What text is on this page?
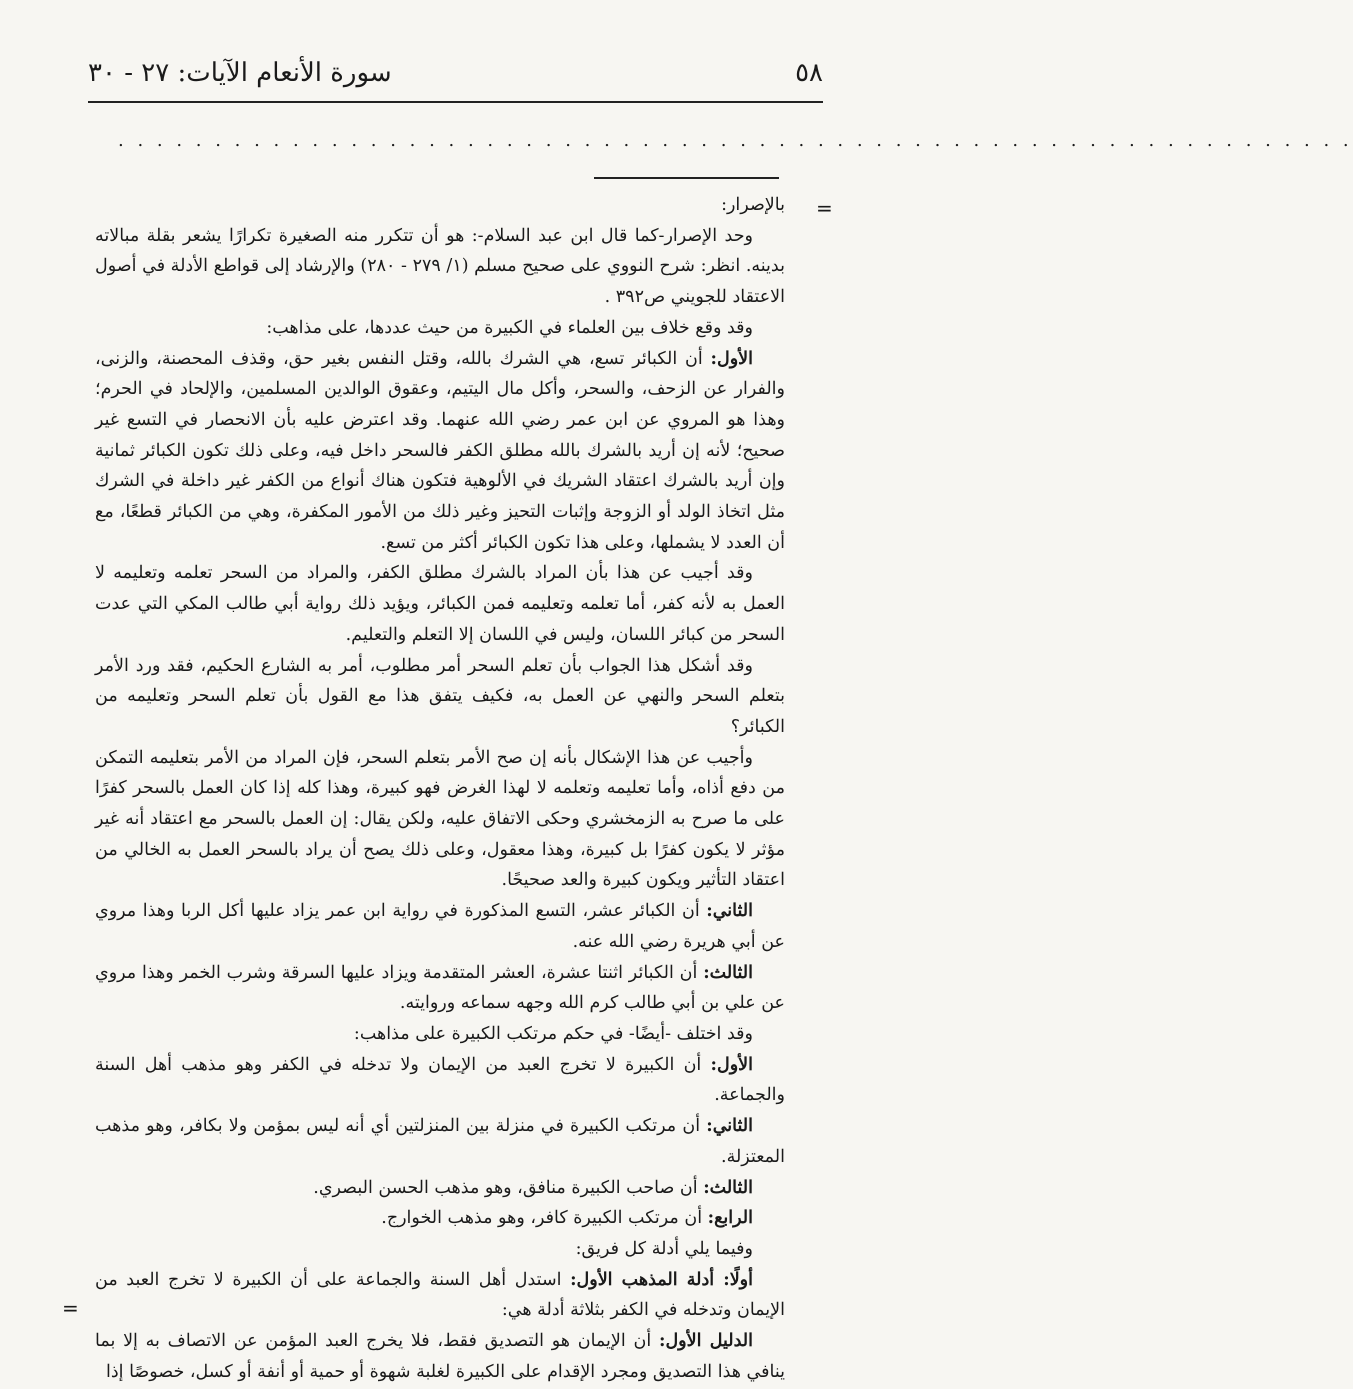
٥٨
سورة الأنعام الآيات: ٢٧ - ٣٠
. . . . . . . . . . . . . . . . . . . . . . . . . . . . . . . . . . . . . . . . . . . . . . . . . . . . . . . . . . . . . . . .
=
=

بالإصرار:

وحد الإصرار-كما قال ابن عبد السلام-: هو أن تتكرر منه الصغيرة تكرارًا يشعر بقلة مبالاته بدينه. انظر: شرح النووي على صحيح مسلم (١/ ٢٧٩ - ٢٨٠) والإرشاد إلى قواطع الأدلة في أصول الاعتقاد للجويني ص٣٩٢ .

وقد وقع خلاف بين العلماء في الكبيرة من حيث عددها، على مذاهب:

الأول: أن الكبائر تسع، هي الشرك بالله، وقتل النفس بغير حق، وقذف المحصنة، والزنى، والفرار عن الزحف، والسحر، وأكل مال اليتيم، وعقوق الوالدين المسلمين، والإلحاد في الحرم؛ وهذا هو المروي عن ابن عمر رضي الله عنهما. وقد اعترض عليه بأن الانحصار في التسع غير صحيح؛ لأنه إن أريد بالشرك بالله مطلق الكفر فالسحر داخل فيه، وعلى ذلك تكون الكبائر ثمانية وإن أريد بالشرك اعتقاد الشريك في الألوهية فتكون هناك أنواع من الكفر غير داخلة في الشرك مثل اتخاذ الولد أو الزوجة وإثبات التحيز وغير ذلك من الأمور المكفرة، وهي من الكبائر قطعًا، مع أن العدد لا يشملها، وعلى هذا تكون الكبائر أكثر من تسع.

وقد أجيب عن هذا بأن المراد بالشرك مطلق الكفر، والمراد من السحر تعلمه وتعليمه لا العمل به لأنه كفر، أما تعلمه وتعليمه فمن الكبائر، ويؤيد ذلك رواية أبي طالب المكي التي عدت السحر من كبائر اللسان، وليس في اللسان إلا التعلم والتعليم.

وقد أشكل هذا الجواب بأن تعلم السحر أمر مطلوب، أمر به الشارع الحكيم، فقد ورد الأمر بتعلم السحر والنهي عن العمل به، فكيف يتفق هذا مع القول بأن تعلم السحر وتعليمه من الكبائر؟

وأجيب عن هذا الإشكال بأنه إن صح الأمر بتعلم السحر، فإن المراد من الأمر بتعليمه التمكن من دفع أذاه، وأما تعليمه وتعلمه لا لهذا الغرض فهو كبيرة، وهذا كله إذا كان العمل بالسحر كفرًا على ما صرح به الزمخشري وحكى الاتفاق عليه، ولكن يقال: إن العمل بالسحر مع اعتقاد أنه غير مؤثر لا يكون كفرًا بل كبيرة، وهذا معقول، وعلى ذلك يصح أن يراد بالسحر العمل به الخالي من اعتقاد التأثير ويكون كبيرة والعد صحيحًا.

الثاني: أن الكبائر عشر، التسع المذكورة في رواية ابن عمر يزاد عليها أكل الربا وهذا مروي عن أبي هريرة رضي الله عنه.

الثالث: أن الكبائر اثنتا عشرة، العشر المتقدمة ويزاد عليها السرقة وشرب الخمر وهذا مروي عن علي بن أبي طالب كرم الله وجهه سماعه وروايته.

وقد اختلف -أيضًا- في حكم مرتكب الكبيرة على مذاهب:

الأول: أن الكبيرة لا تخرج العبد من الإيمان ولا تدخله في الكفر وهو مذهب أهل السنة والجماعة.

الثاني: أن مرتكب الكبيرة في منزلة بين المنزلتين أي أنه ليس بمؤمن ولا بكافر، وهو مذهب المعتزلة.

الثالث: أن صاحب الكبيرة منافق، وهو مذهب الحسن البصري.

الرابع: أن مرتكب الكبيرة كافر، وهو مذهب الخوارج.

وفيما يلي أدلة كل فريق:

أولًا: أدلة المذهب الأول: استدل أهل السنة والجماعة على أن الكبيرة لا تخرج العبد من الإيمان وتدخله في الكفر بثلاثة أدلة هي:

الدليل الأول: أن الإيمان هو التصديق فقط، فلا يخرج العبد المؤمن عن الاتصاف به إلا بما ينافي هذا التصديق ومجرد الإقدام على الكبيرة لغلبة شهوة أو حمية أو أنفة أو كسل، خصوصًا إذا
